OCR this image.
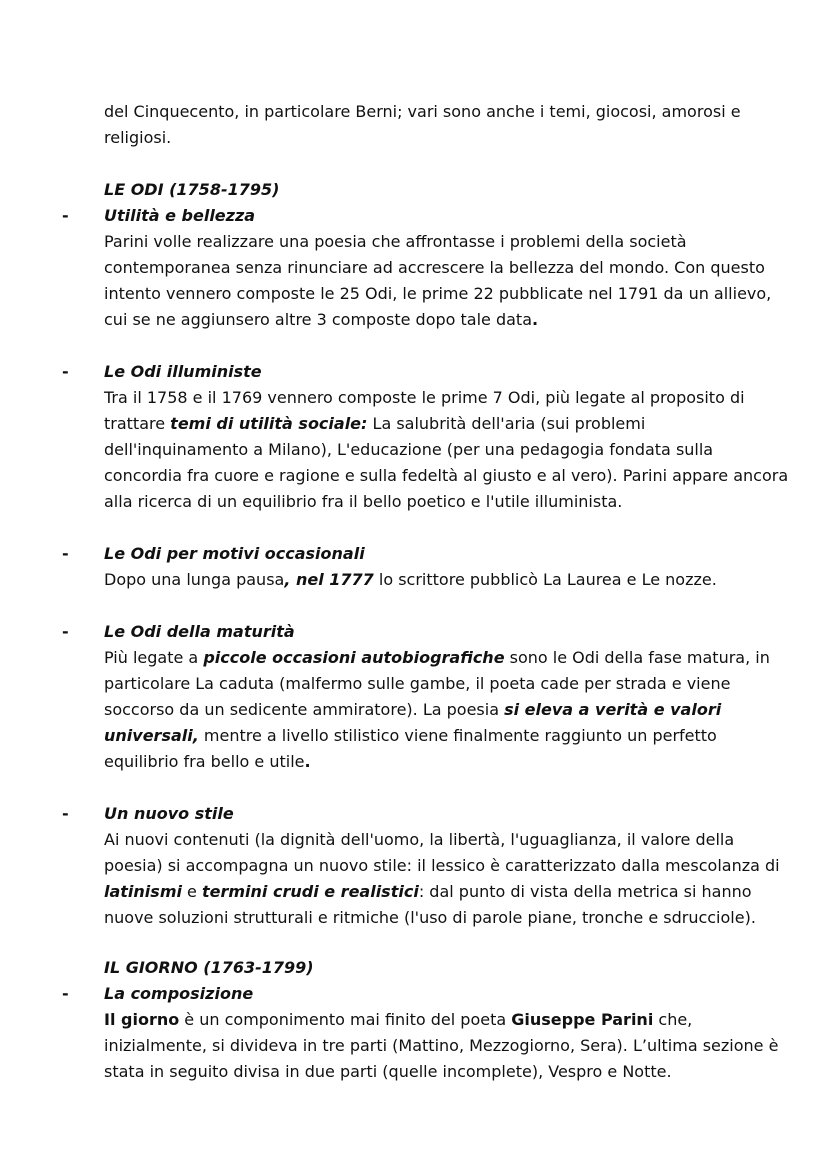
del Cinquecento, in particolare Berni; vari sono anche i temi, giocosi, amorosi e religiosi.

LE ODI (1758-1795)
- Utilità e bellezza

Parini volle realizzare una poesia che affrontasse i problemi della società contemporanea senza rinunciare ad accrescere la bellezza del mondo. Con questo intento vennero composte le 25 Odi, le prime 22 pubblicate nel 1791 da un allievo, cui se ne aggiunsero altre 3 composte dopo tale data.

- Le Odi illuministe

Tra il 1758 e il 1769 vennero composte le prime 7 Odi, più legate al proposito di trattare temi di utilità sociale: La salubrità dell'aria (sui problemi dell'inquinamento a Milano), L'educazione (per una pedagogia fondata sulla concordia fra cuore e ragione e sulla fedeltà al giusto e al vero). Parini appare ancora alla ricerca di un equilibrio fra il bello poetico e l'utile illuminista.

- Le Odi per motivi occasionali

Dopo una lunga pausa, nel 1777 lo scrittore pubblicò La Laurea e Le nozze.

- Le Odi della maturità

Più legate a piccole occasioni autobiografiche sono le Odi della fase matura, in particolare La caduta (malfermo sulle gambe, il poeta cade per strada e viene soccorso da un sedicente ammiratore). La poesia si eleva a verità e valori universali, mentre a livello stilistico viene finalmente raggiunto un perfetto equilibrio fra bello e utile.

- Un nuovo stile

Ai nuovi contenuti (la dignità dell'uomo, la libertà, l'uguaglianza, il valore della poesia) si accompagna un nuovo stile: il lessico è caratterizzato dalla mescolanza di latinismi e termini crudi e realistici: dal punto di vista della metrica si hanno nuove soluzioni strutturali e ritmiche (l'uso di parole piane, tronche e sdrucciole).

IL GIORNO (1763-1799)
- La composizione

Il giorno è un componimento mai finito del poeta Giuseppe Parini che, inizialmente, si divideva in tre parti (Mattino, Mezzogiorno, Sera). L’ultima sezione è stata in seguito divisa in due parti (quelle incomplete), Vespro e Notte.
